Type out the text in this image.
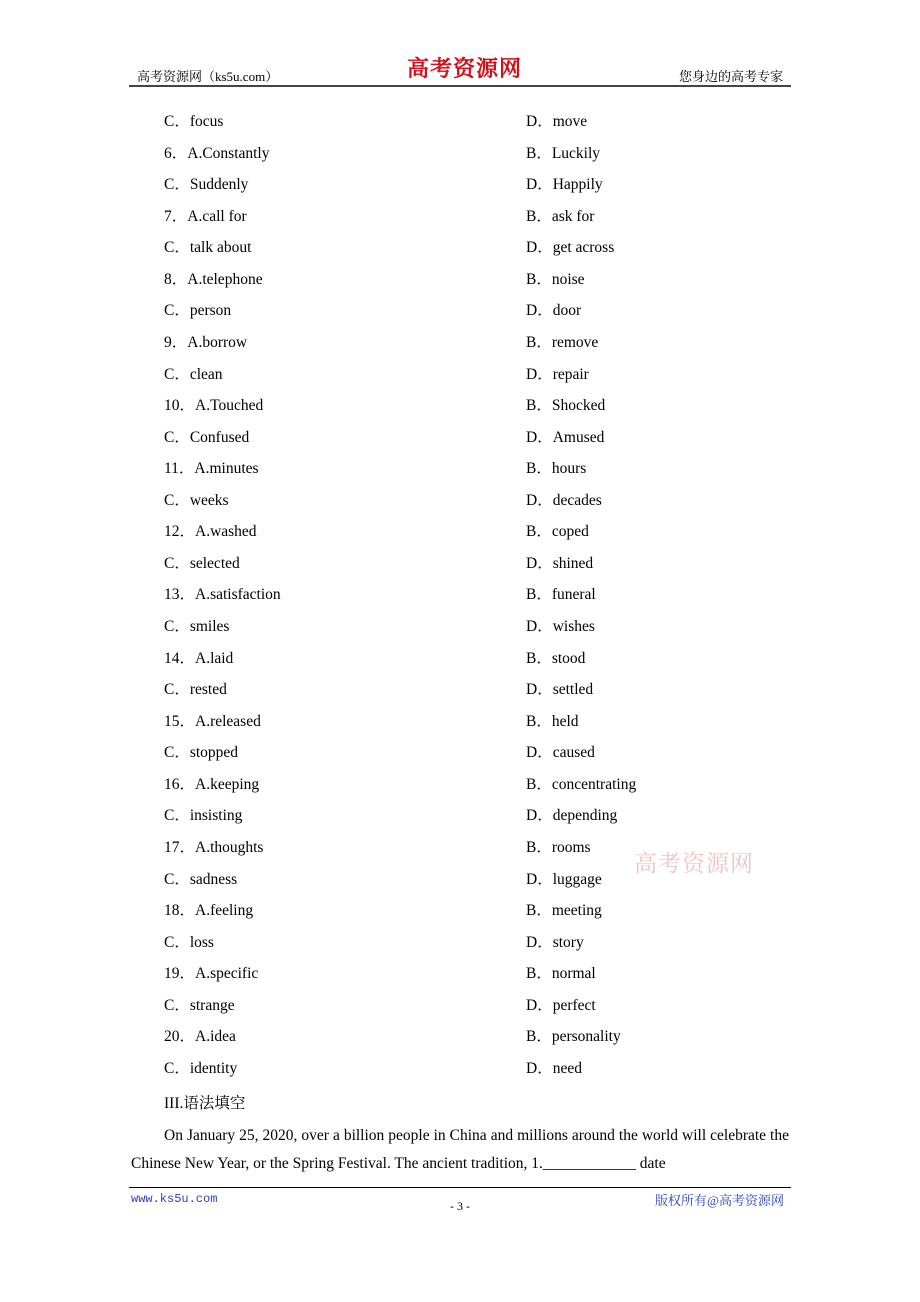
高考资源网（ks5u.com）	高考资源网	您身边的高考专家
C．focus	D．move
6．A.Constantly	B．Luckily
C．Suddenly	D．Happily
7．A.call for	B．ask for
C．talk about	D．get across
8．A.telephone	B．noise
C．person	D．door
9．A.borrow	B．remove
C．clean	D．repair
10．A.Touched	B．Shocked
C．Confused	D．Amused
11．A.minutes	B．hours
C．weeks	D．decades
12．A.washed	B．coped
C．selected	D．shined
13．A.satisfaction	B．funeral
C．smiles	D．wishes
14．A.laid	B．stood
C．rested	D．settled
15．A.released	B．held
C．stopped	D．caused
16．A.keeping	B．concentrating
C．insisting	D．depending
17．A.thoughts	B．rooms
C．sadness	D．luggage
18．A.feeling	B．meeting
C．loss	D．story
19．A.specific	B．normal
C．strange	D．perfect
20．A.idea	B．personality
C．identity	D．need
高考资源网
III.语法填空
On January 25, 2020, over a billion people in China and millions around the world will celebrate the Chinese New Year, or the Spring Festival. The ancient tradition, 1.____________ date
www.ks5u.com	- 3 -	版权所有@高考资源网
